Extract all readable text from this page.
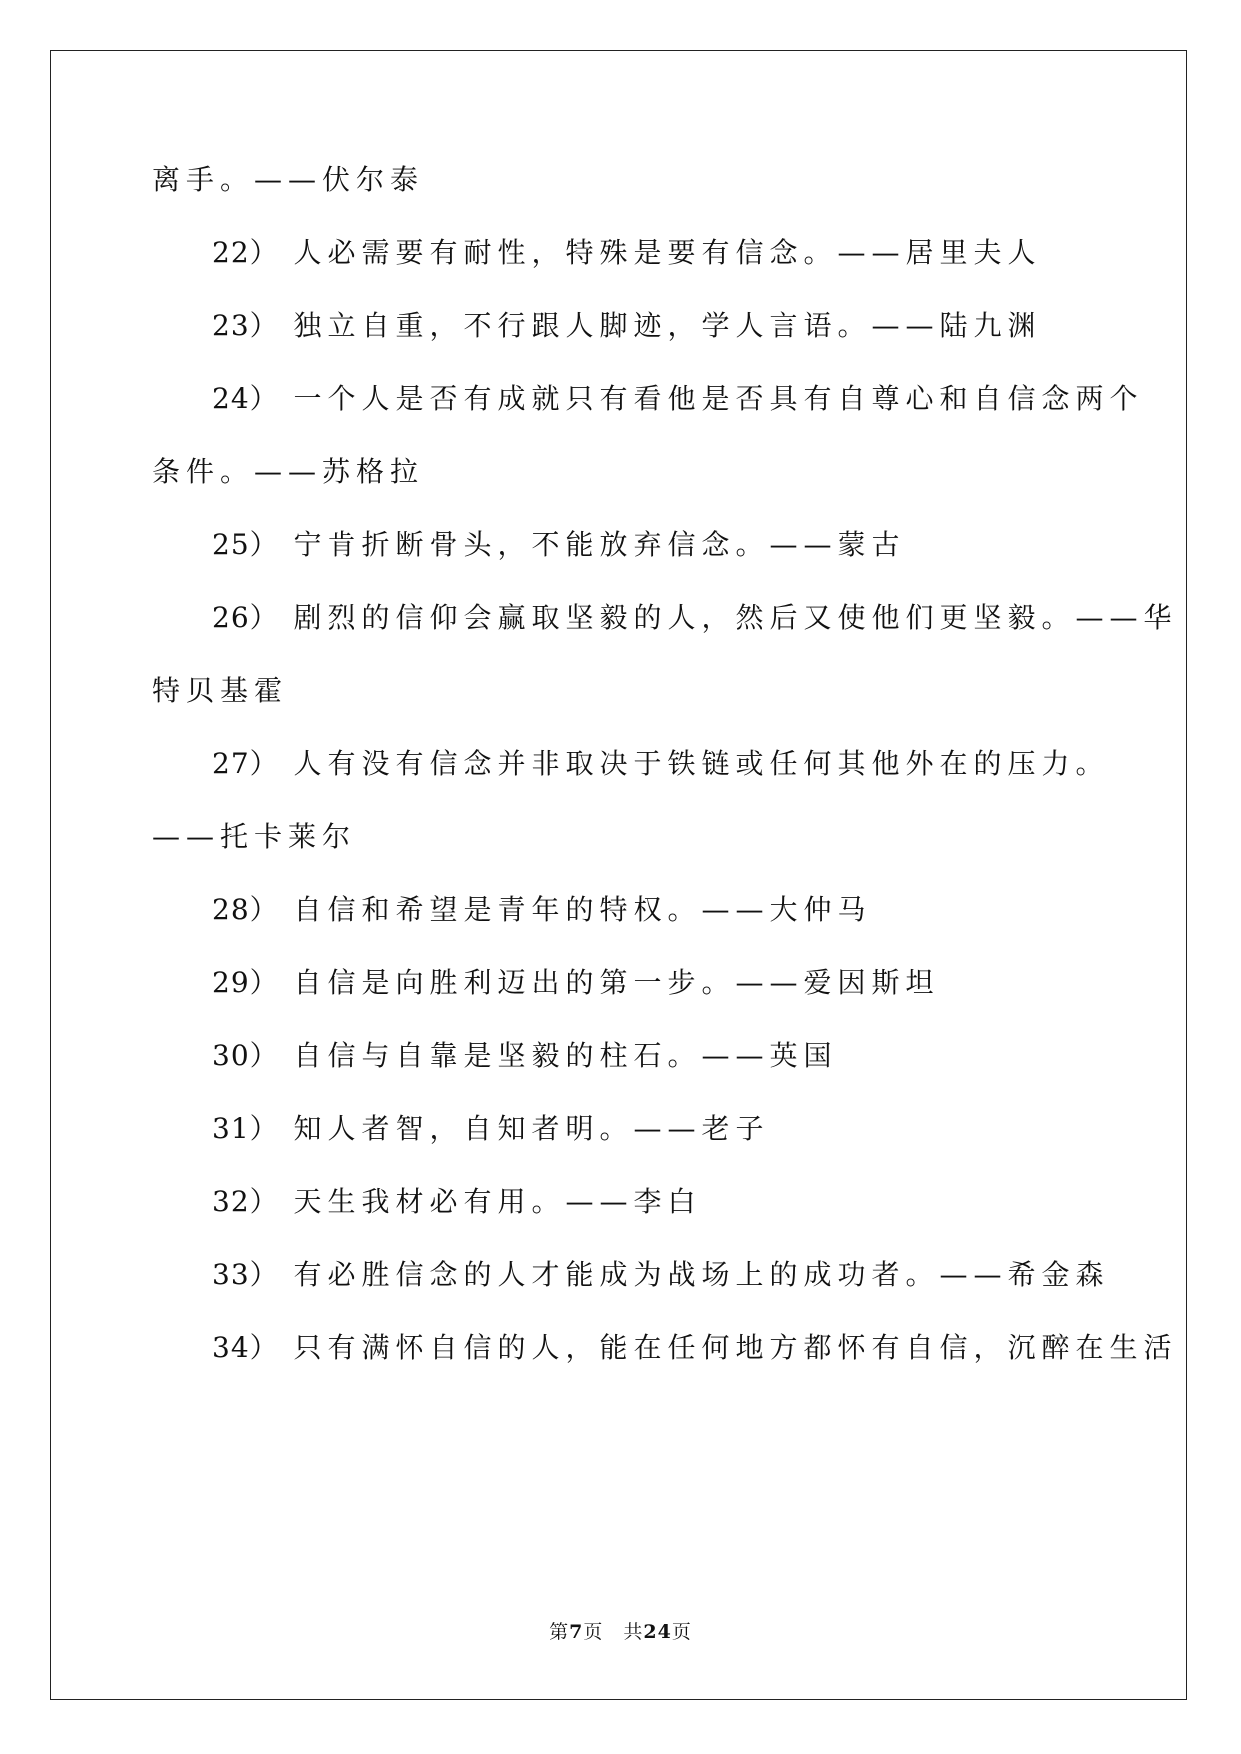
离手。——伏尔泰
22） 人必需要有耐性，特殊是要有信念。——居里夫人
23） 独立自重，不行跟人脚迹，学人言语。——陆九渊
24） 一个人是否有成就只有看他是否具有自尊心和自信念两个
条件。——苏格拉
25） 宁肯折断骨头，不能放弃信念。——蒙古
26） 剧烈的信仰会赢取坚毅的人，然后又使他们更坚毅。——华
特贝基霍
27） 人有没有信念并非取决于铁链或任何其他外在的压力。
——托卡莱尔
28） 自信和希望是青年的特权。——大仲马
29） 自信是向胜利迈出的第一步。——爱因斯坦
30） 自信与自靠是坚毅的柱石。——英国
31） 知人者智，自知者明。——老子
32） 天生我材必有用。——李白
33） 有必胜信念的人才能成为战场上的成功者。——希金森
34） 只有满怀自信的人，能在任何地方都怀有自信，沉醉在生活
第7页　共24页
